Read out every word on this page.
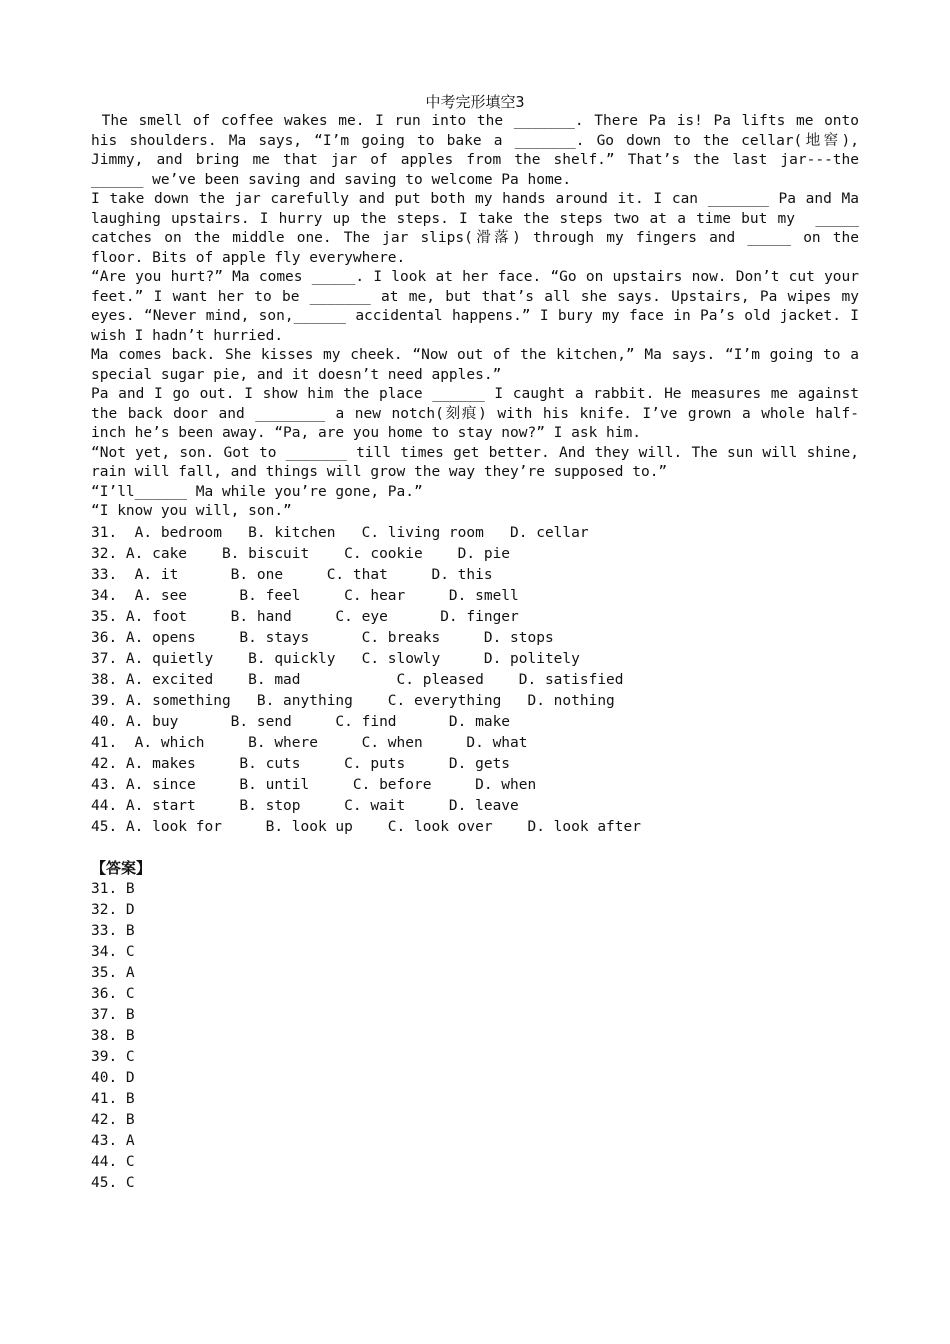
中考完形填空3

The smell of coffee wakes me. I run into the _______. There Pa is! Pa lifts me onto his shoulders. Ma says, “I’m going to bake a _______. Go down to the cellar(地窖), Jimmy, and bring me that jar of apples from the shelf.” That’s the last jar---the ______ we’ve been saving and saving to welcome Pa home.

I take down the jar carefully and put both my hands around it. I can _______ Pa and Ma laughing upstairs. I hurry up the steps. I take the steps two at a time but my  _____ catches on the middle one. The jar slips(滑落) through my fingers and _____ on the floor. Bits of apple fly everywhere.

“Are you hurt?” Ma comes _____. I look at her face. “Go on upstairs now. Don’t cut your feet.” I want her to be _______ at me, but that’s all she says. Upstairs, Pa wipes my eyes. “Never mind, son,______ accidental happens.” I bury my face in Pa’s old jacket. I wish I hadn’t hurried.

Ma comes back. She kisses my cheek. “Now out of the kitchen,” Ma says. “I’m going to a special sugar pie, and it doesn’t need apples.”

Pa and I go out. I show him the place ______ I caught a rabbit. He measures me against the back door and ________ a new notch(刻痕) with his knife. I’ve grown a whole half-inch he’s been away. “Pa, are you home to stay now?” I ask him.

“Not yet, son. Got to _______ till times get better. And they will. The sun will shine, rain will fall, and things will grow the way they’re supposed to.”

“I’ll______ Ma while you’re gone, Pa.”

“I know you will, son.”

31.  A. bedroom   B. kitchen   C. living room   D. cellar
32. A. cake    B. biscuit    C. cookie    D. pie
33.  A. it      B. one     C. that     D. this
34.  A. see      B. feel     C. hear     D. smell
35. A. foot     B. hand     C. eye      D. finger
36. A. opens     B. stays      C. breaks     D. stops
37. A. quietly    B. quickly   C. slowly     D. politely
38. A. excited    B. mad           C. pleased    D. satisfied
39. A. something   B. anything    C. everything   D. nothing
40. A. buy      B. send     C. find      D. make
41.  A. which     B. where     C. when     D. what
42. A. makes     B. cuts     C. puts     D. gets
43. A. since     B. until     C. before     D. when
44. A. start     B. stop     C. wait     D. leave
45. A. look for     B. look up    C. look over    D. look after
【答案】
31. B
32. D
33. B
34. C
35. A
36. C
37. B
38. B
39. C
40. D
41. B
42. B
43. A
44. C
45. C
